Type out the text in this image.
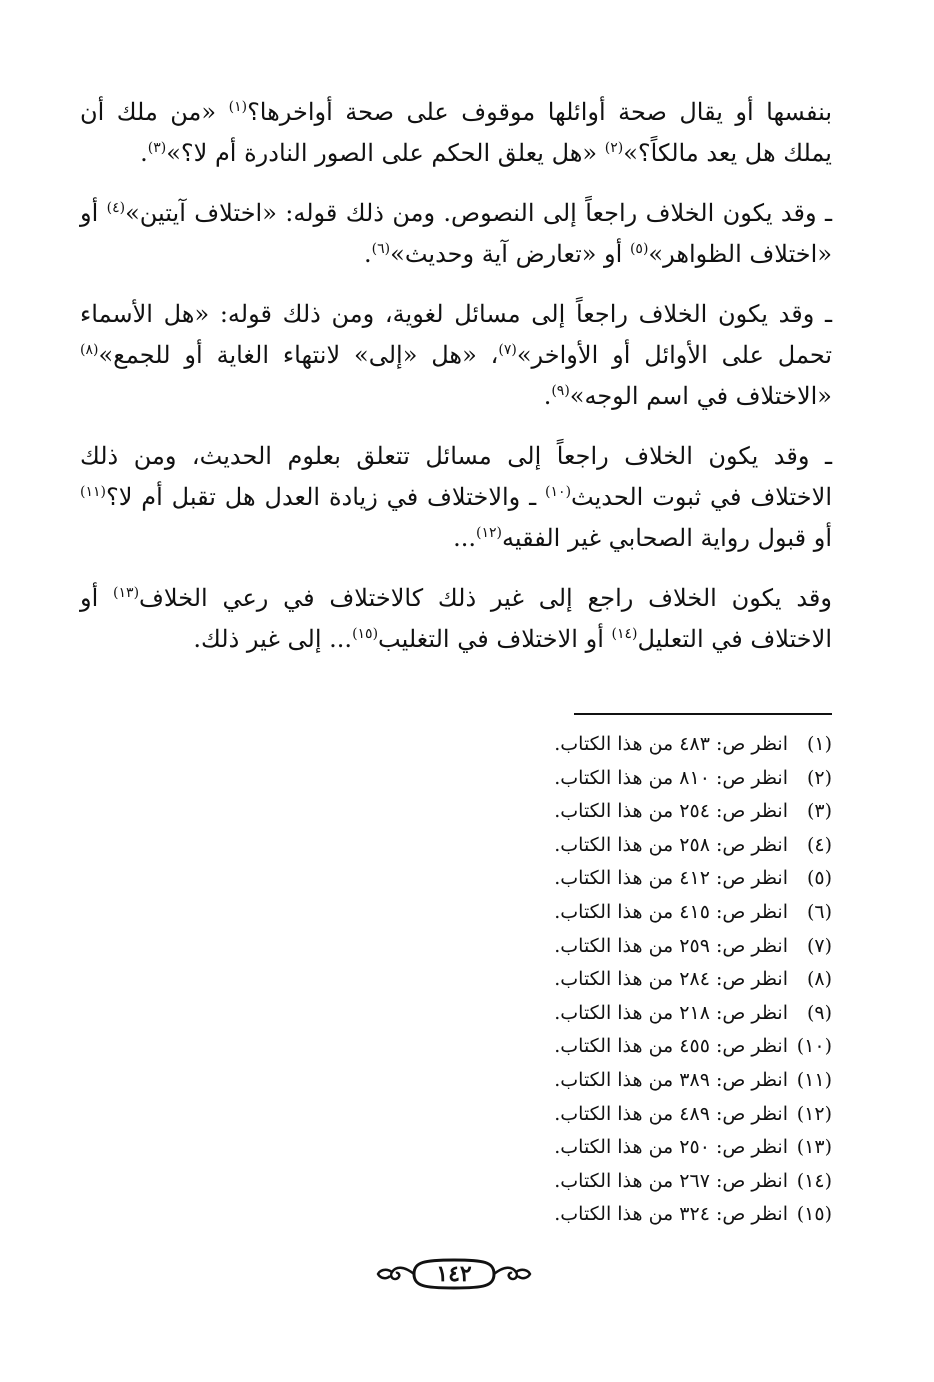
بنفسها أو يقال صحة أوائلها موقوف على صحة أواخرها؟$^{(١)}$ «من ملك أن يملك هل يعد مالكاً؟»$^{(٢)}$ «هل يعلق الحكم على الصور النادرة أم لا؟»$^{(٣)}$.

ـ وقد يكون الخلاف راجعاً إلى النصوص. ومن ذلك قوله: «اختلاف آيتين»$^{(٤)}$ أو «اختلاف الظواهر»$^{(٥)}$ أو «تعارض آية وحديث»$^{(٦)}$.

ـ وقد يكون الخلاف راجعاً إلى مسائل لغوية، ومن ذلك قوله: «هل الأسماء تحمل على الأوائل أو الأواخر»$^{(٧)}$، «هل «إلى» لانتهاء الغاية أو للجمع»$^{(٨)}$ «الاختلاف في اسم الوجه»$^{(٩)}$.

ـ وقد يكون الخلاف راجعاً إلى مسائل تتعلق بعلوم الحديث، ومن ذلك الاختلاف في ثبوت الحديث$^{(١٠)}$ ـ والاختلاف في زيادة العدل هل تقبل أم لا؟$^{(١١)}$ أو قبول رواية الصحابي غير الفقيه$^{(١٢)}$...

وقد يكون الخلاف راجع إلى غير ذلك كالاختلاف في رعي الخلاف$^{(١٣)}$ أو الاختلاف في التعليل$^{(١٤)}$ أو الاختلاف في التغليب$^{(١٥)}$... إلى غير ذلك.

(١)
انظر ص: ٤٨٣ من هذا الكتاب.
(٢)
انظر ص: ٨١٠ من هذا الكتاب.
(٣)
انظر ص: ٢٥٤ من هذا الكتاب.
(٤)
انظر ص: ٢٥٨ من هذا الكتاب.
(٥)
انظر ص: ٤١٢ من هذا الكتاب.
(٦)
انظر ص: ٤١٥ من هذا الكتاب.
(٧)
انظر ص: ٢٥٩ من هذا الكتاب.
(٨)
انظر ص: ٢٨٤ من هذا الكتاب.
(٩)
انظر ص: ٢١٨ من هذا الكتاب.
(١٠)
انظر ص: ٤٥٥ من هذا الكتاب.
(١١)
انظر ص: ٣٨٩ من هذا الكتاب.
(١٢)
انظر ص: ٤٨٩ من هذا الكتاب.
(١٣)
انظر ص: ٢٥٠ من هذا الكتاب.
(١٤)
انظر ص: ٢٦٧ من هذا الكتاب.
(١٥)
انظر ص: ٣٢٤ من هذا الكتاب.
١٤٢
